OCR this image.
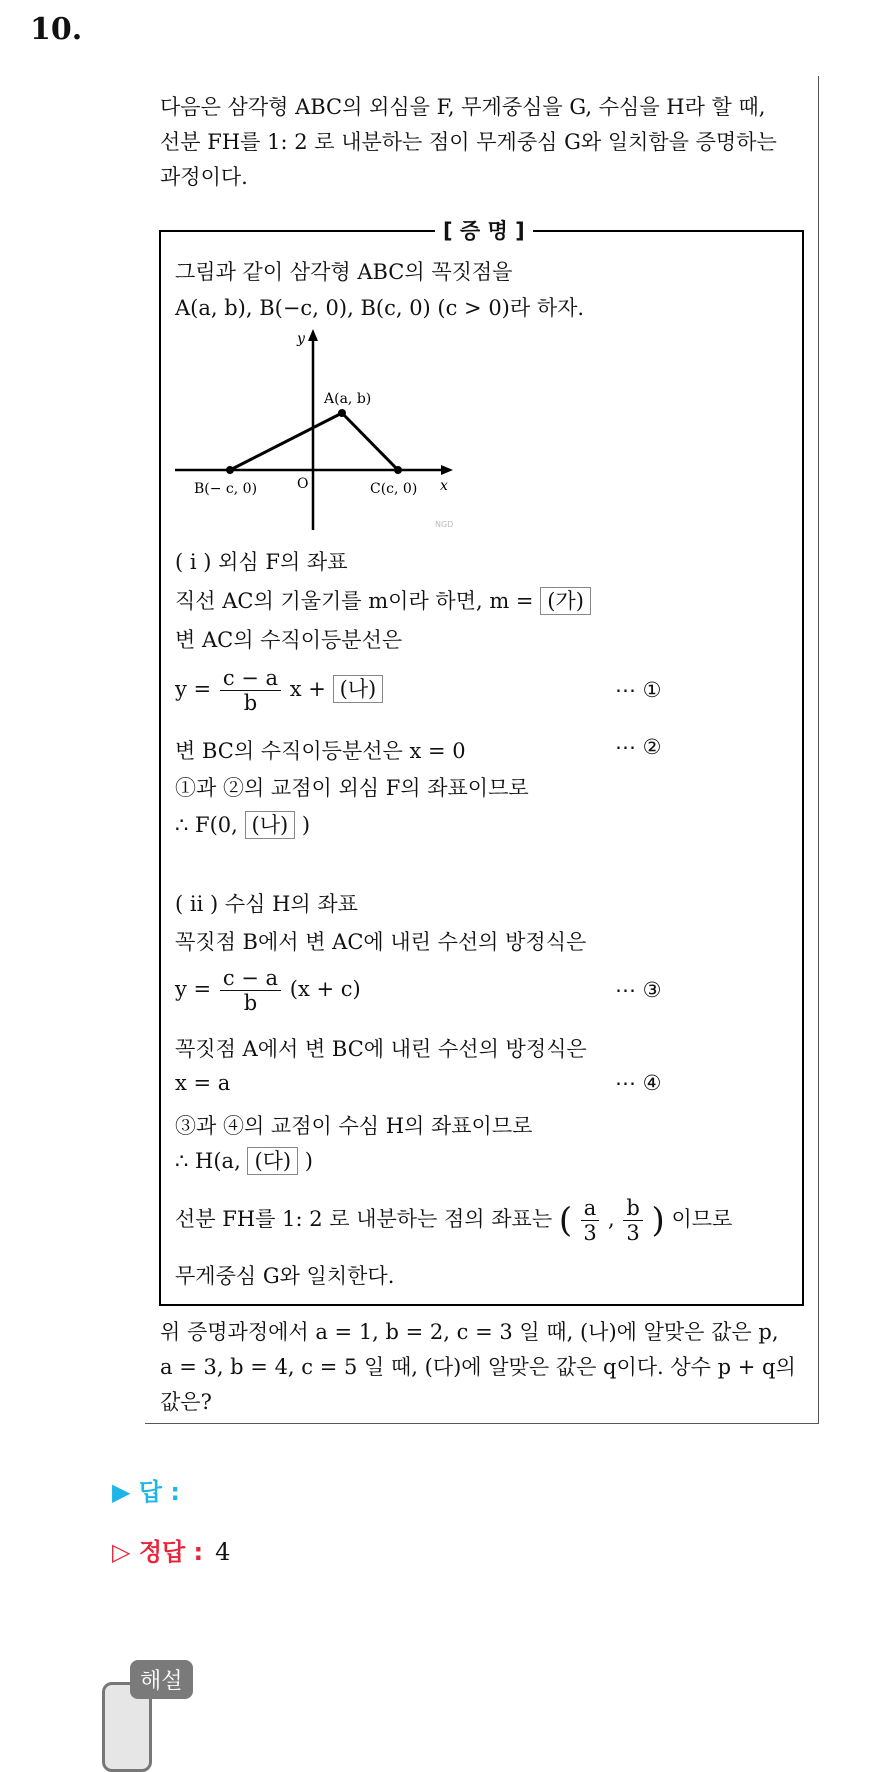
10.
다음은 삼각형 ABC의 외심을 F, 무게중심을 G, 수심을 H라 할 때,
선분 FH를 1: 2 로 내분하는 점이 무게중심 G와 일치함을 증명하는
과정이다.
[ 증 명 ]
그림과 같이 삼각형 ABC의 꼭짓점을
A(a, b), B(−c, 0), B(c, 0) (c > 0)라 하자.
y
x
O
A(a, b)
B(− c, 0)	C(c, 0)
NGD
( i ) 외심 F의 좌표
직선 AC의 기울기를 m이라 하면, m = (가)
변 AC의 수직이등분선은
$y = \frac{c - a}{b}$ x + (나)	⋯ ①
변 BC의 수직이등분선은 x = 0	⋯ ②
①과 ②의 교점이 외심 F의 좌표이므로
∴ F(0, (나) )
( ii ) 수심 H의 좌표
꼭짓점 B에서 변 AC에 내린 수선의 방정식은
$y = \frac{c - a}{b} (x + c)$	⋯ ③
꼭짓점 A에서 변 BC에 내린 수선의 방정식은
x = a	⋯ ④
③과 ④의 교점이 수심 H의 좌표이므로
∴ H(a, (다) )
선분 FH를 1: 2 로 내분하는 점의 좌표는 ( $\frac{a}{3}$ , $\frac{b}{3}$ ) 이므로
무게중심 G와 일치한다.
위 증명과정에서 a = 1, b = 2, c = 3 일 때, (나)에 알맞은 값은 p,
a = 3, b = 4, c = 5 일 때, (다)에 알맞은 값은 q이다. 상수 p + q의
값은?
▶ 답 :
▷ 정답 : 4
해설
